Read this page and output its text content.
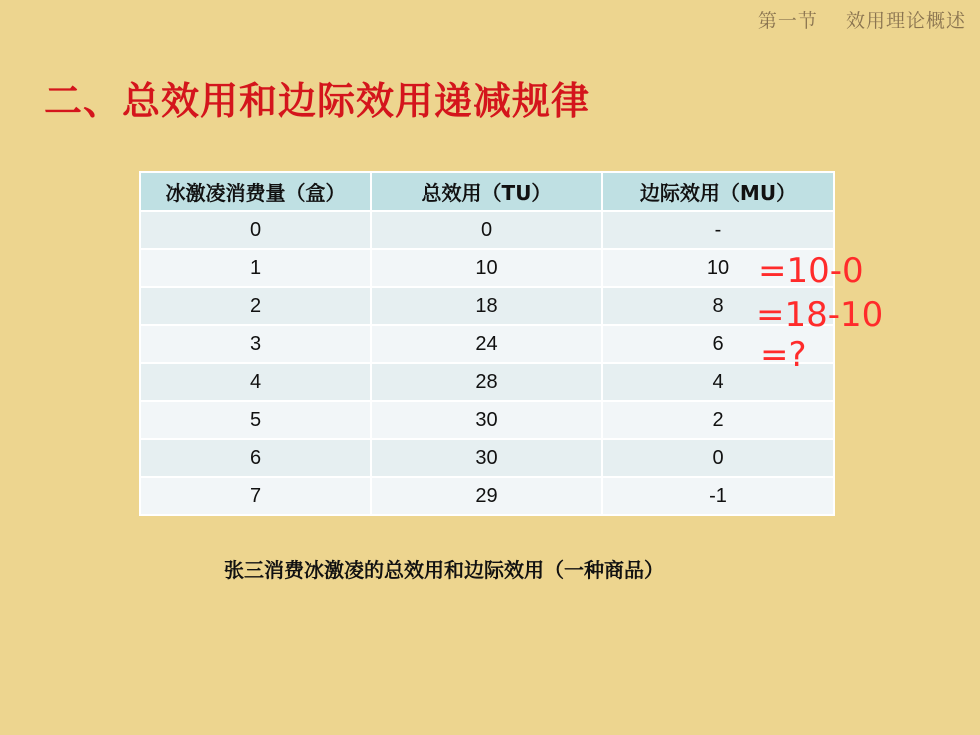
第一节    效用理论概述
二、总效用和边际效用递减规律
冰激凌消费量（盒）	总效用（TU）	边际效用（MU）
0	0	-
1	10	10
2	18	8
3	24	6
4	28	4
5	30	2
6	30	0
7	29	-1
张三消费冰激凌的总效用和边际效用（一种商品）
=10-0
=18-10
=?
